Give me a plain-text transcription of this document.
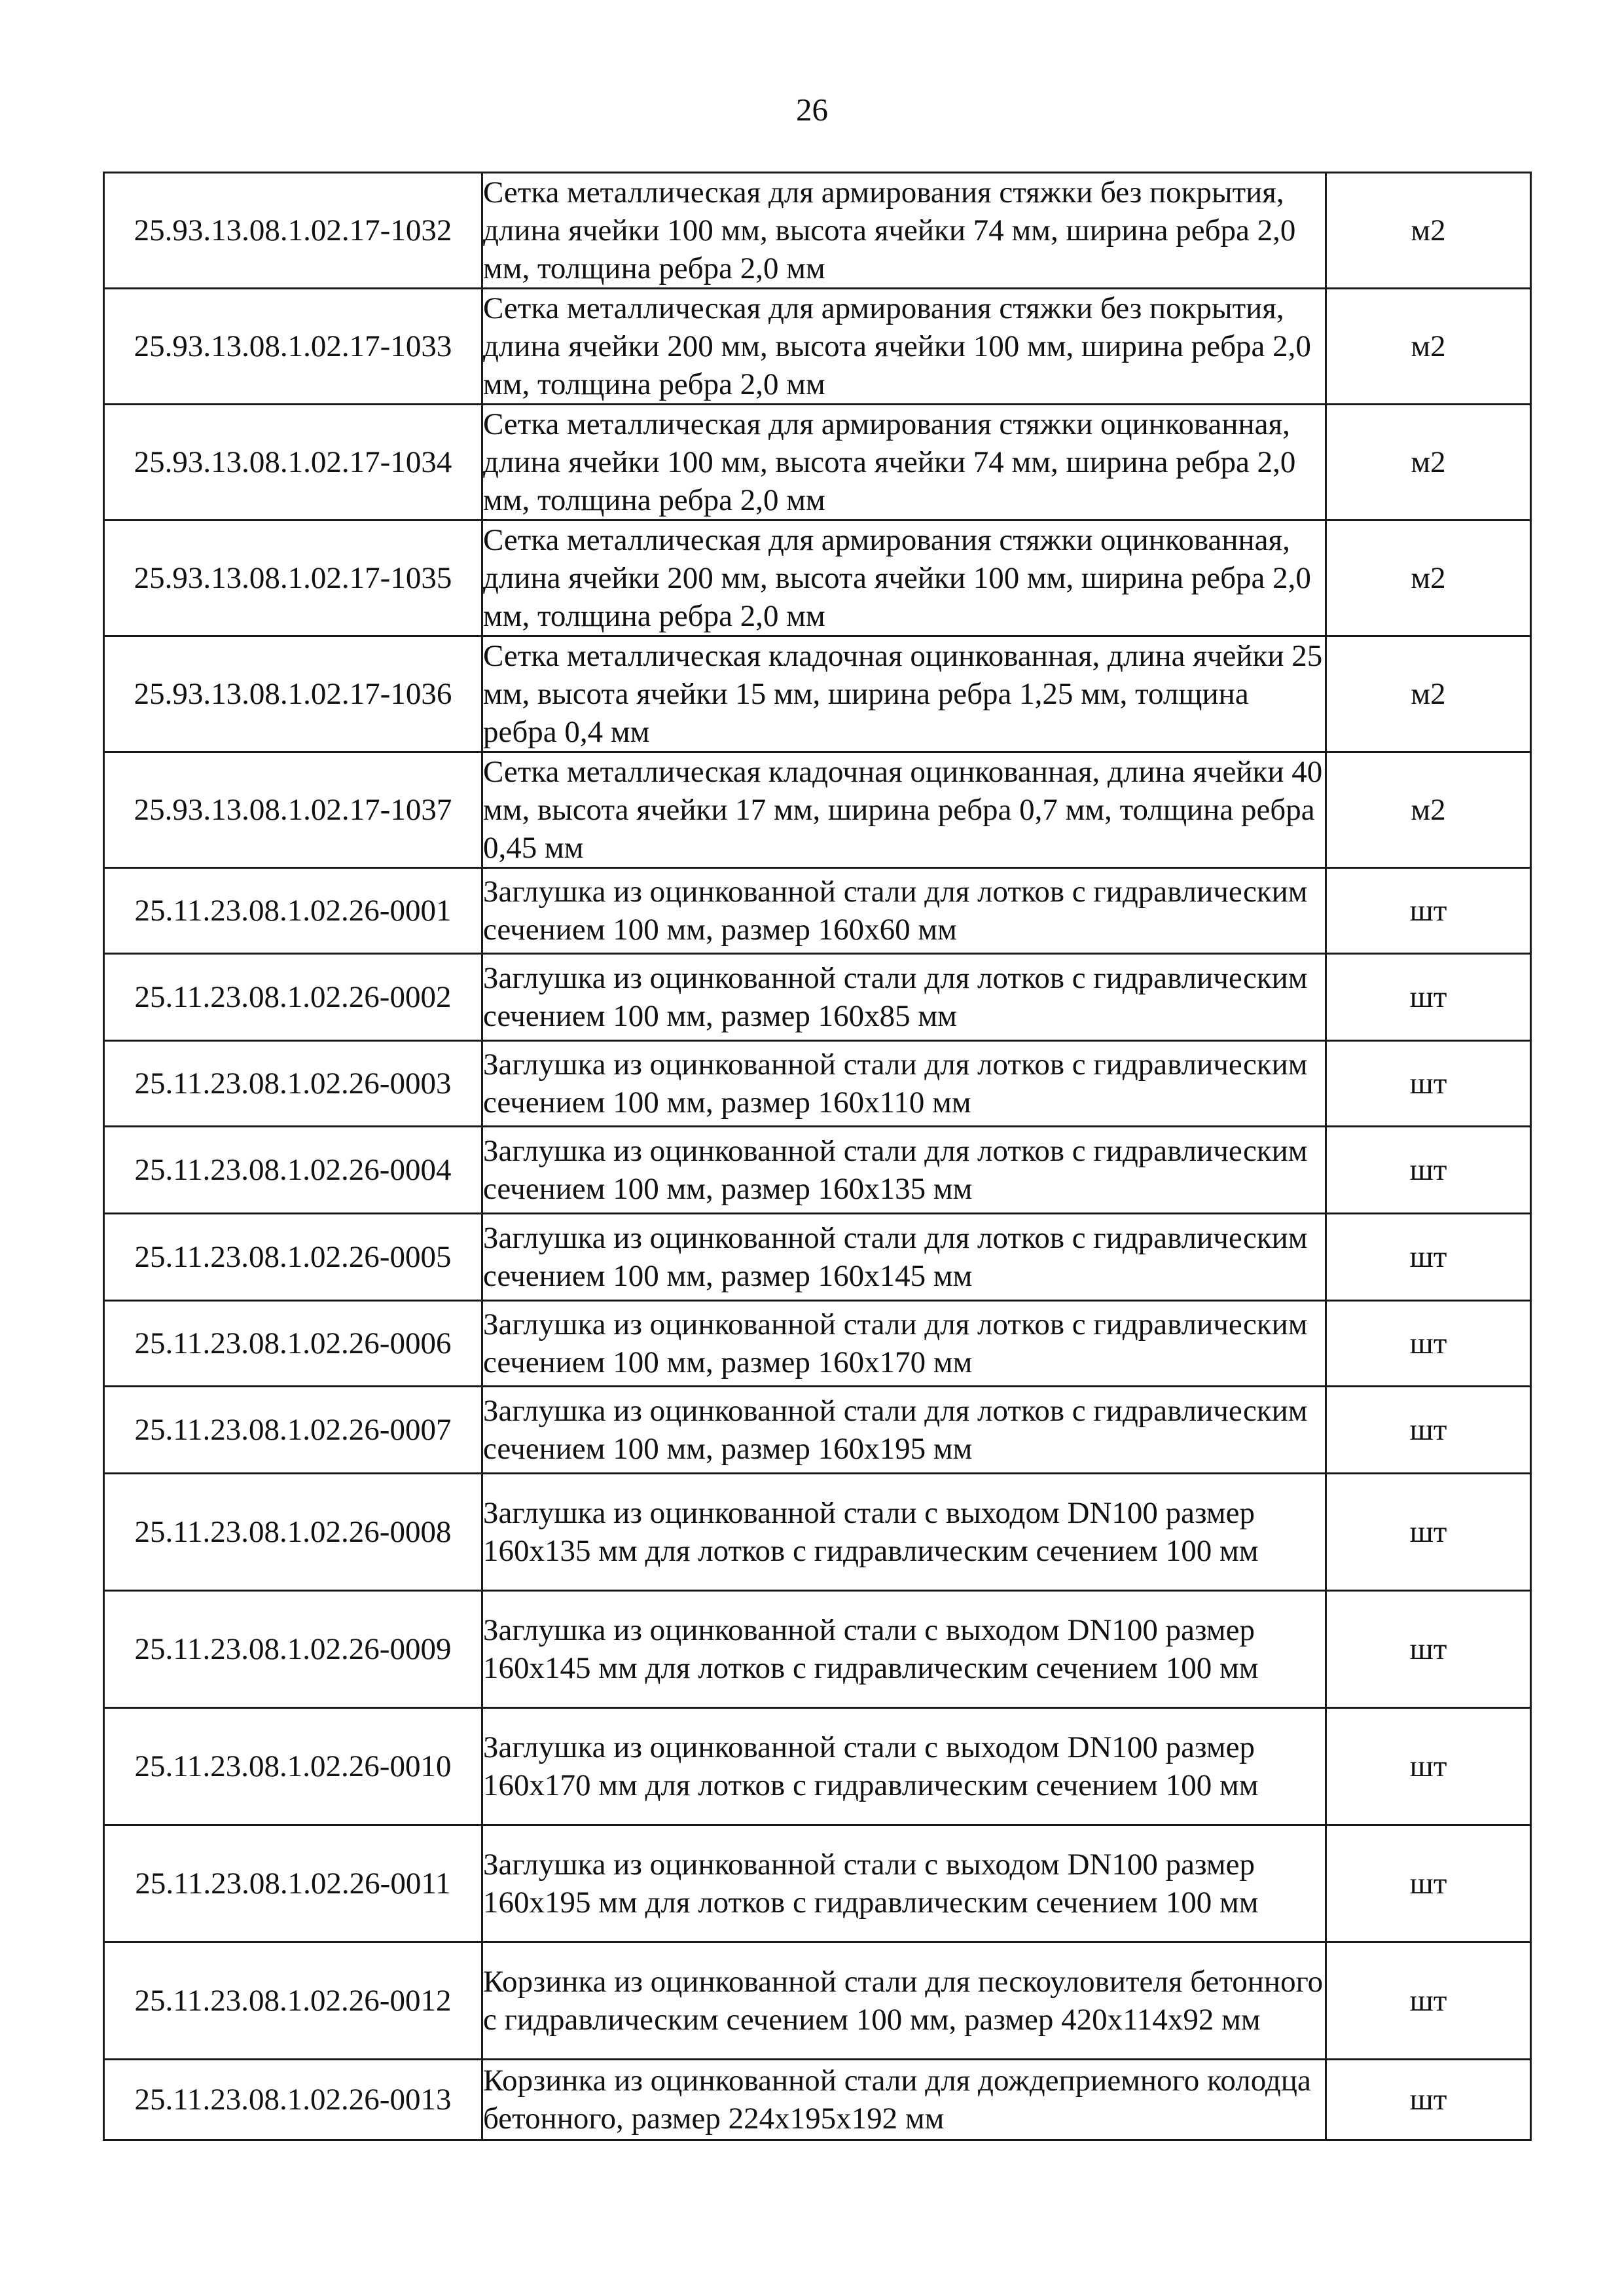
26
25.93.13.08.1.02.17-1032	Сетка металлическая для армирования стяжки без покрытия, длина ячейки 100 мм, высота ячейки 74 мм, ширина ребра 2,0 мм, толщина ребра 2,0 мм	м2
25.93.13.08.1.02.17-1033	Сетка металлическая для армирования стяжки без покрытия, длина ячейки 200 мм, высота ячейки 100 мм, ширина ребра 2,0 мм, толщина ребра 2,0 мм	м2
25.93.13.08.1.02.17-1034	Сетка металлическая для армирования стяжки оцинкованная, длина ячейки 100 мм, высота ячейки 74 мм, ширина ребра 2,0 мм, толщина ребра 2,0 мм	м2
25.93.13.08.1.02.17-1035	Сетка металлическая для армирования стяжки оцинкованная, длина ячейки 200 мм, высота ячейки 100 мм, ширина ребра 2,0 мм, толщина ребра 2,0 мм	м2
25.93.13.08.1.02.17-1036	Сетка металлическая кладочная оцинкованная, длина ячейки 25 мм, высота ячейки 15 мм, ширина ребра 1,25 мм, толщина ребра 0,4 мм	м2
25.93.13.08.1.02.17-1037	Сетка металлическая кладочная оцинкованная, длина ячейки 40 мм, высота ячейки 17 мм, ширина ребра 0,7 мм, толщина ребра 0,45 мм	м2
25.11.23.08.1.02.26-0001	Заглушка из оцинкованной стали для лотков с гидравлическим сечением 100 мм, размер 160х60 мм	шт
25.11.23.08.1.02.26-0002	Заглушка из оцинкованной стали для лотков с гидравлическим сечением 100 мм, размер 160х85 мм	шт
25.11.23.08.1.02.26-0003	Заглушка из оцинкованной стали для лотков с гидравлическим сечением 100 мм, размер 160х110 мм	шт
25.11.23.08.1.02.26-0004	Заглушка из оцинкованной стали для лотков с гидравлическим сечением 100 мм, размер 160х135 мм	шт
25.11.23.08.1.02.26-0005	Заглушка из оцинкованной стали для лотков с гидравлическим сечением 100 мм, размер 160х145 мм	шт
25.11.23.08.1.02.26-0006	Заглушка из оцинкованной стали для лотков с гидравлическим сечением 100 мм, размер 160х170 мм	шт
25.11.23.08.1.02.26-0007	Заглушка из оцинкованной стали для лотков с гидравлическим сечением 100 мм, размер 160х195 мм	шт
25.11.23.08.1.02.26-0008	Заглушка из оцинкованной стали с выходом DN100 размер 160х135 мм для лотков с гидравлическим сечением 100 мм	шт
25.11.23.08.1.02.26-0009	Заглушка из оцинкованной стали с выходом DN100 размер 160х145 мм для лотков с гидравлическим сечением 100 мм	шт
25.11.23.08.1.02.26-0010	Заглушка из оцинкованной стали с выходом DN100 размер 160х170 мм для лотков с гидравлическим сечением 100 мм	шт
25.11.23.08.1.02.26-0011	Заглушка из оцинкованной стали с выходом DN100 размер 160х195 мм для лотков с гидравлическим сечением 100 мм	шт
25.11.23.08.1.02.26-0012	Корзинка из оцинкованной стали для пескоуловителя бетонного с гидравлическим сечением 100 мм, размер 420х114х92 мм	шт
25.11.23.08.1.02.26-0013	Корзинка из оцинкованной стали для дождеприемного колодца бетонного, размер 224х195х192 мм	шт
